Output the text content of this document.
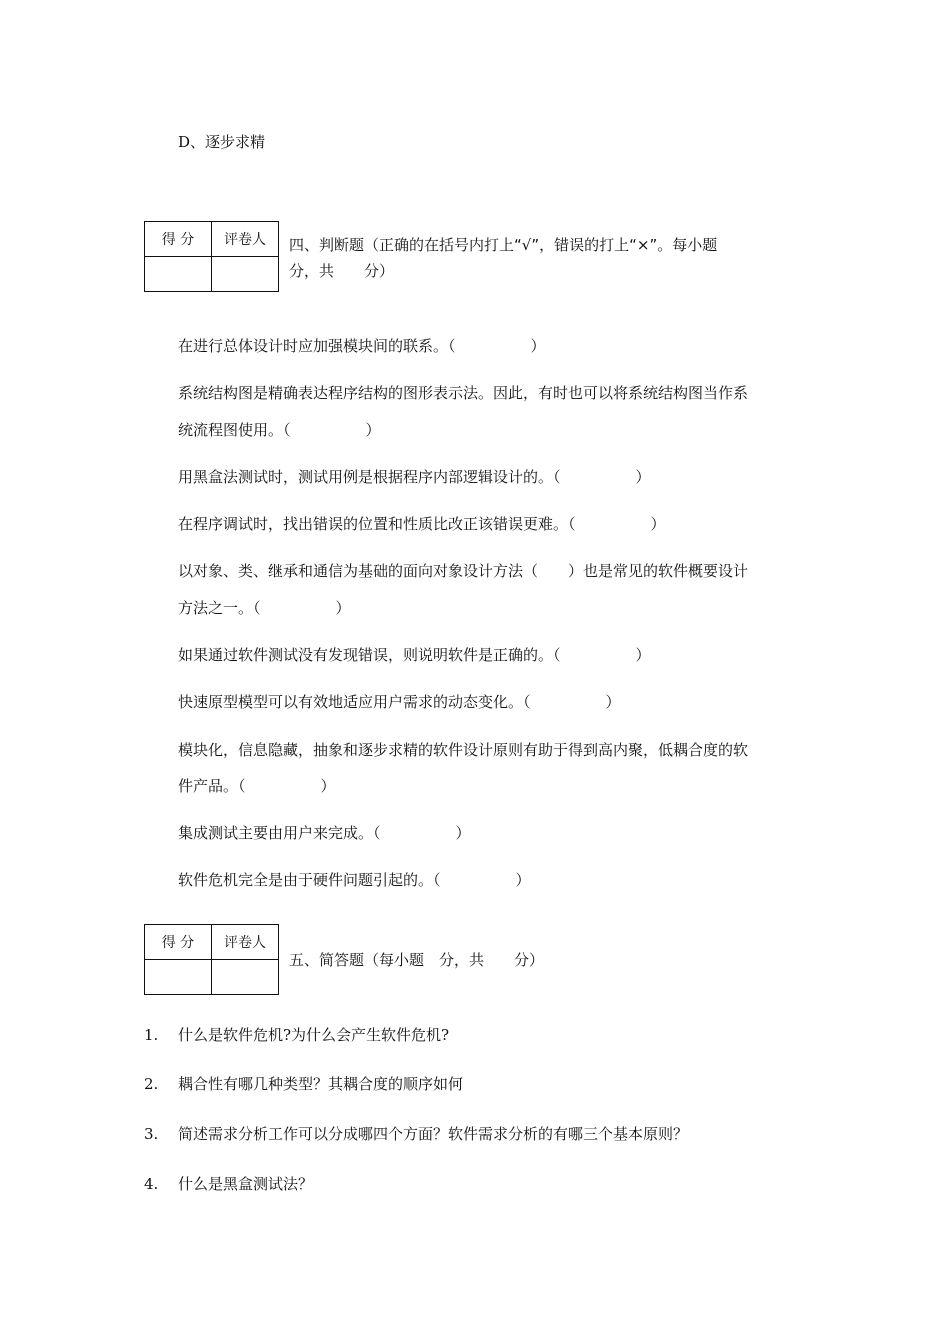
D、逐步求精
得 分	评卷人
	四、判断题（正确的在括号内打上“√”，错误的打上“×”。每小题
分，共　　分）
在进行总体设计时应加强模块间的联系。（　　　　　）
系统结构图是精确表达程序结构的图形表示法。因此，有时也可以将系统结构图当作系
统流程图使用。（　　　　　）
用黑盒法测试时，测试用例是根据程序内部逻辑设计的。（　　　　　）
在程序调试时，找出错误的位置和性质比改正该错误更难。（　　　　　）
以对象、类、继承和通信为基础的面向对象设计方法（　　）也是常见的软件概要设计
方法之一。（　　　　　）
如果通过软件测试没有发现错误，则说明软件是正确的。（　　　　　）
快速原型模型可以有效地适应用户需求的动态变化。（　　　　　）
模块化，信息隐藏，抽象和逐步求精的软件设计原则有助于得到高内聚，低耦合度的软
件产品。（　　　　　）
集成测试主要由用户来完成。（　　　　　）
软件危机完全是由于硬件问题引起的。（　　　　　）
得 分	评卷人

五、简答题（每小题　分，共　　分）
1. 什么是软件危机?为什么会产生软件危机?
2. 耦合性有哪几种类型？其耦合度的顺序如何
3. 简述需求分析工作可以分成哪四个方面？软件需求分析的有哪三个基本原则？
4. 什么是黑盒测试法？
